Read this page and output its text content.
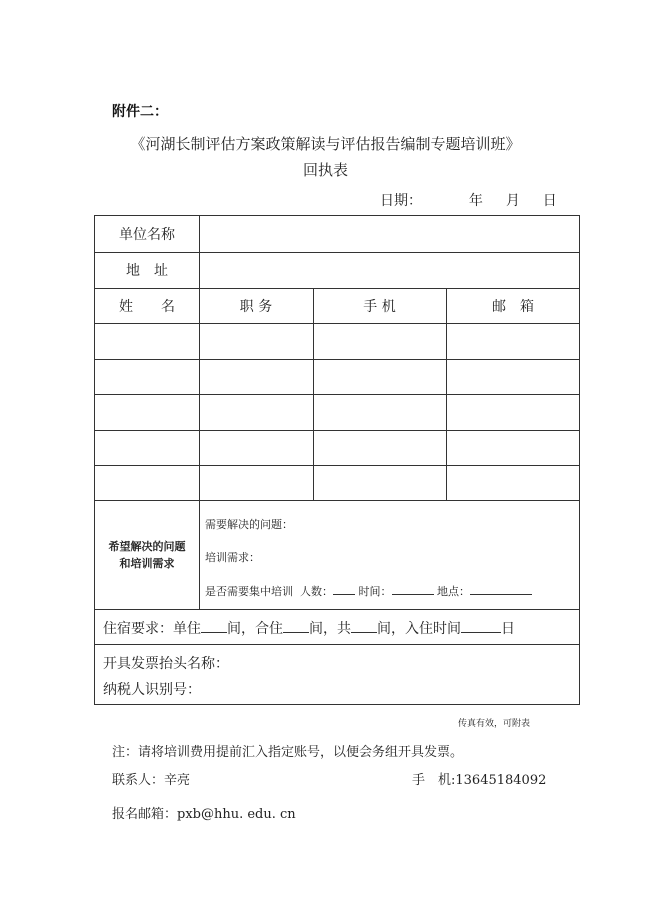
附件二：
《河湖长制评估方案政策解读与评估报告编制专题培训班》
回执表
日期：	年 月 日
单位名称
地　址
姓　　名	职 务	手 机	邮　箱
希望解决的问题
和培训需求
需要解决的问题：
培训需求：
是否需要集中培训 人数： 时间：	地点：
住宿要求：单住 间，合住 间，共 间，入住时间	日
开具发票抬头名称：
纳税人识别号：
传真有效，可附表
注：请将培训费用提前汇入指定账号，以便会务组开具发票。
联系人：辛亮	手　机:13645184092
报名邮箱：pxb@hhu. edu. cn
